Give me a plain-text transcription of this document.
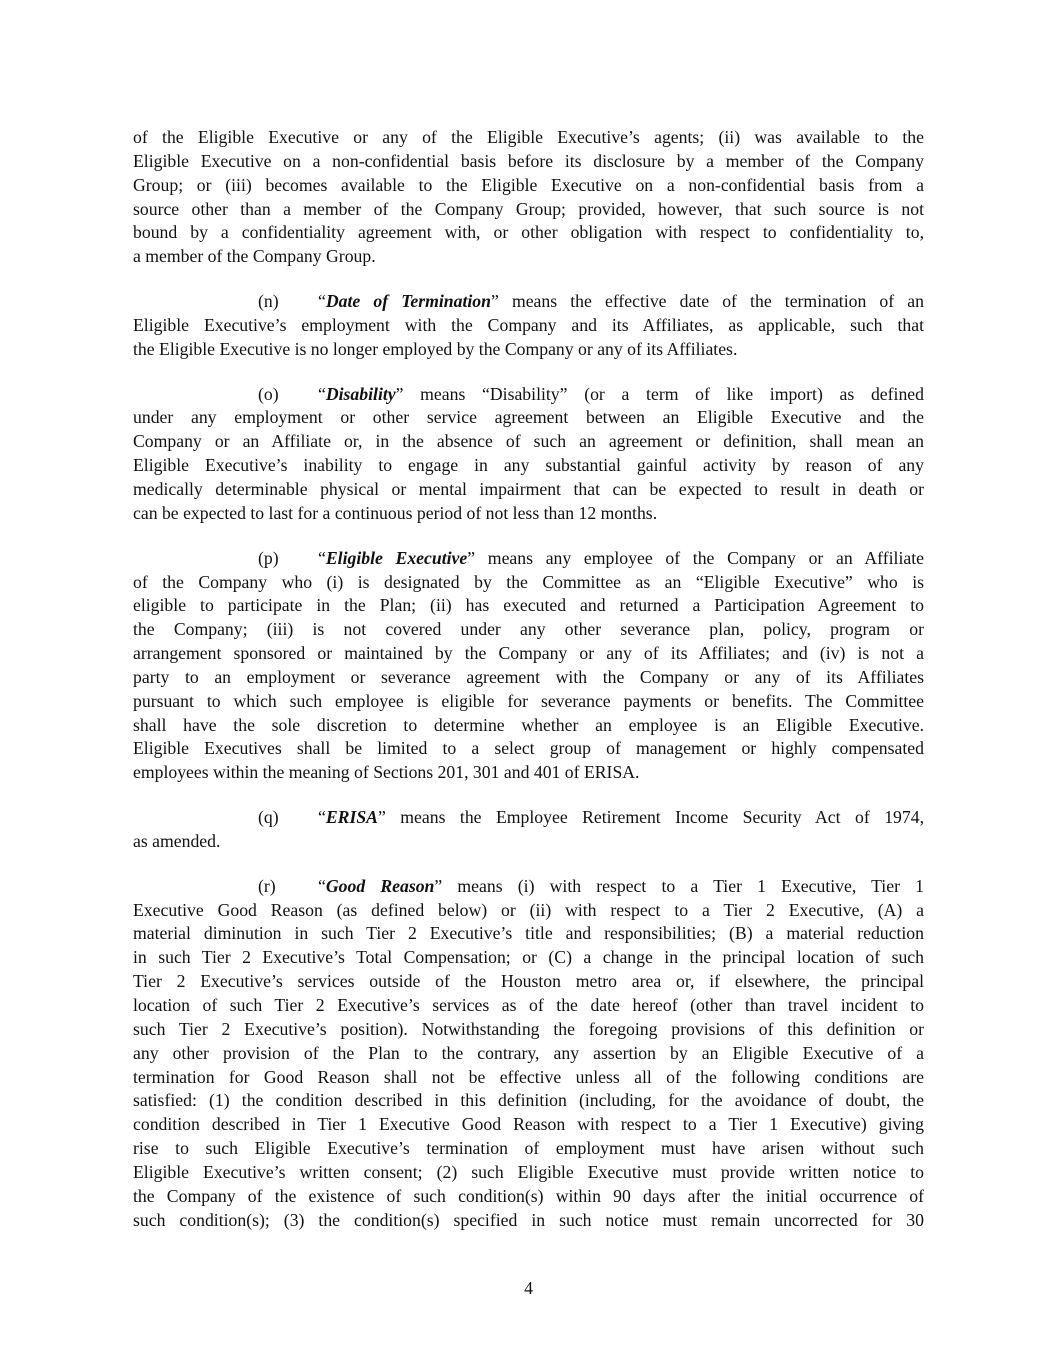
of the Eligible Executive or any of the Eligible Executive’s agents; (ii) was available to the
Eligible Executive on a non-confidential basis before its disclosure by a member of the Company
Group; or (iii) becomes available to the Eligible Executive on a non-confidential basis from a
source other than a member of the Company Group; provided, however, that such source is not
bound by a confidentiality agreement with, or other obligation with respect to confidentiality to,
a member of the Company Group.
(n)	“Date of Termination” means the effective date of the termination of an
Eligible Executive’s employment with the Company and its Affiliates, as applicable, such that
the Eligible Executive is no longer employed by the Company or any of its Affiliates.
(o)	“Disability” means “Disability” (or a term of like import) as defined
under any employment or other service agreement between an Eligible Executive and the
Company or an Affiliate or, in the absence of such an agreement or definition, shall mean an
Eligible Executive’s inability to engage in any substantial gainful activity by reason of any
medically determinable physical or mental impairment that can be expected to result in death or
can be expected to last for a continuous period of not less than 12 months.
(p)	“Eligible Executive” means any employee of the Company or an Affiliate
of the Company who (i) is designated by the Committee as an “Eligible Executive” who is
eligible to participate in the Plan; (ii) has executed and returned a Participation Agreement to
the Company; (iii) is not covered under any other severance plan, policy, program or
arrangement sponsored or maintained by the Company or any of its Affiliates; and (iv) is not a
party to an employment or severance agreement with the Company or any of its Affiliates
pursuant to which such employee is eligible for severance payments or benefits. The Committee
shall have the sole discretion to determine whether an employee is an Eligible Executive.
Eligible Executives shall be limited to a select group of management or highly compensated
employees within the meaning of Sections 201, 301 and 401 of ERISA.
(q)	“ERISA” means the Employee Retirement Income Security Act of 1974,
as amended.
(r)	“Good Reason” means (i) with respect to a Tier 1 Executive, Tier 1
Executive Good Reason (as defined below) or (ii) with respect to a Tier 2 Executive, (A) a
material diminution in such Tier 2 Executive’s title and responsibilities; (B) a material reduction
in such Tier 2 Executive’s Total Compensation; or (C) a change in the principal location of such
Tier 2 Executive’s services outside of the Houston metro area or, if elsewhere, the principal
location of such Tier 2 Executive’s services as of the date hereof (other than travel incident to
such Tier 2 Executive’s position). Notwithstanding the foregoing provisions of this definition or
any other provision of the Plan to the contrary, any assertion by an Eligible Executive of a
termination for Good Reason shall not be effective unless all of the following conditions are
satisfied: (1) the condition described in this definition (including, for the avoidance of doubt, the
condition described in Tier 1 Executive Good Reason with respect to a Tier 1 Executive) giving
rise to such Eligible Executive’s termination of employment must have arisen without such
Eligible Executive’s written consent; (2) such Eligible Executive must provide written notice to
the Company of the existence of such condition(s) within 90 days after the initial occurrence of
such condition(s); (3) the condition(s) specified in such notice must remain uncorrected for 30
4
